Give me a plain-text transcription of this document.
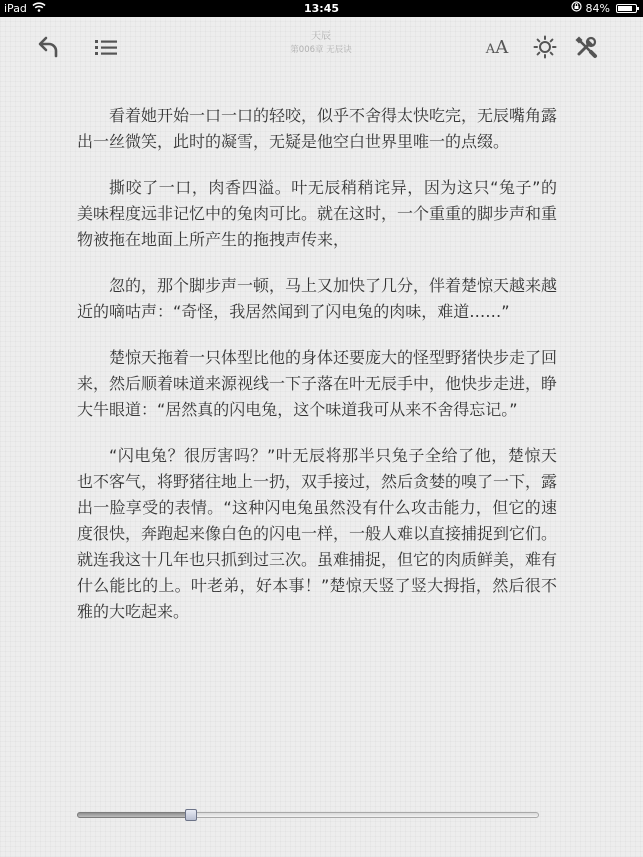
iPad	13:45	84%
天辰
第006章 无辰诀	A A

看着她开始一口一口的轻咬，似乎不舍得太快吃完，无辰嘴角露出一丝微笑，此时的凝雪，无疑是他空白世界里唯一的点缀。

撕咬了一口，肉香四溢。叶无辰稍稍诧异，因为这只“兔子”的美味程度远非记忆中的兔肉可比。就在这时，一个重重的脚步声和重物被拖在地面上所产生的拖拽声传来，

忽的，那个脚步声一顿，马上又加快了几分，伴着楚惊天越来越近的嘀咕声：“奇怪，我居然闻到了闪电兔的肉味，难道……”

楚惊天拖着一只体型比他的身体还要庞大的怪型野猪快步走了回来，然后顺着味道来源视线一下子落在叶无辰手中，他快步走进，睁大牛眼道：“居然真的闪电兔，这个味道我可从来不舍得忘记。”

“闪电兔？很厉害吗？”叶无辰将那半只兔子全给了他，楚惊天也不客气，将野猪往地上一扔，双手接过，然后贪婪的嗅了一下，露出一脸享受的表情。“这种闪电兔虽然没有什么攻击能力，但它的速度很快，奔跑起来像白色的闪电一样，一般人难以直接捕捉到它们。就连我这十几年也只抓到过三次。虽难捕捉，但它的肉质鲜美，难有什么能比的上。叶老弟，好本事！”楚惊天竖了竖大拇指，然后很不雅的大吃起来。
